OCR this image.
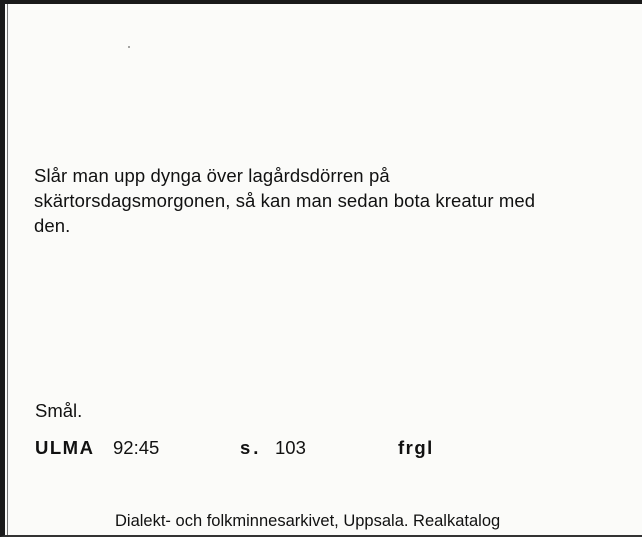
Slår man upp dynga över lagårdsdörren på
skärtorsdagsmorgonen, så kan man sedan bota kreatur med
den.
Smål.
ULMA 92:45	s. 103	frgl
Dialekt- och folkminnesarkivet, Uppsala. Realkatalog
